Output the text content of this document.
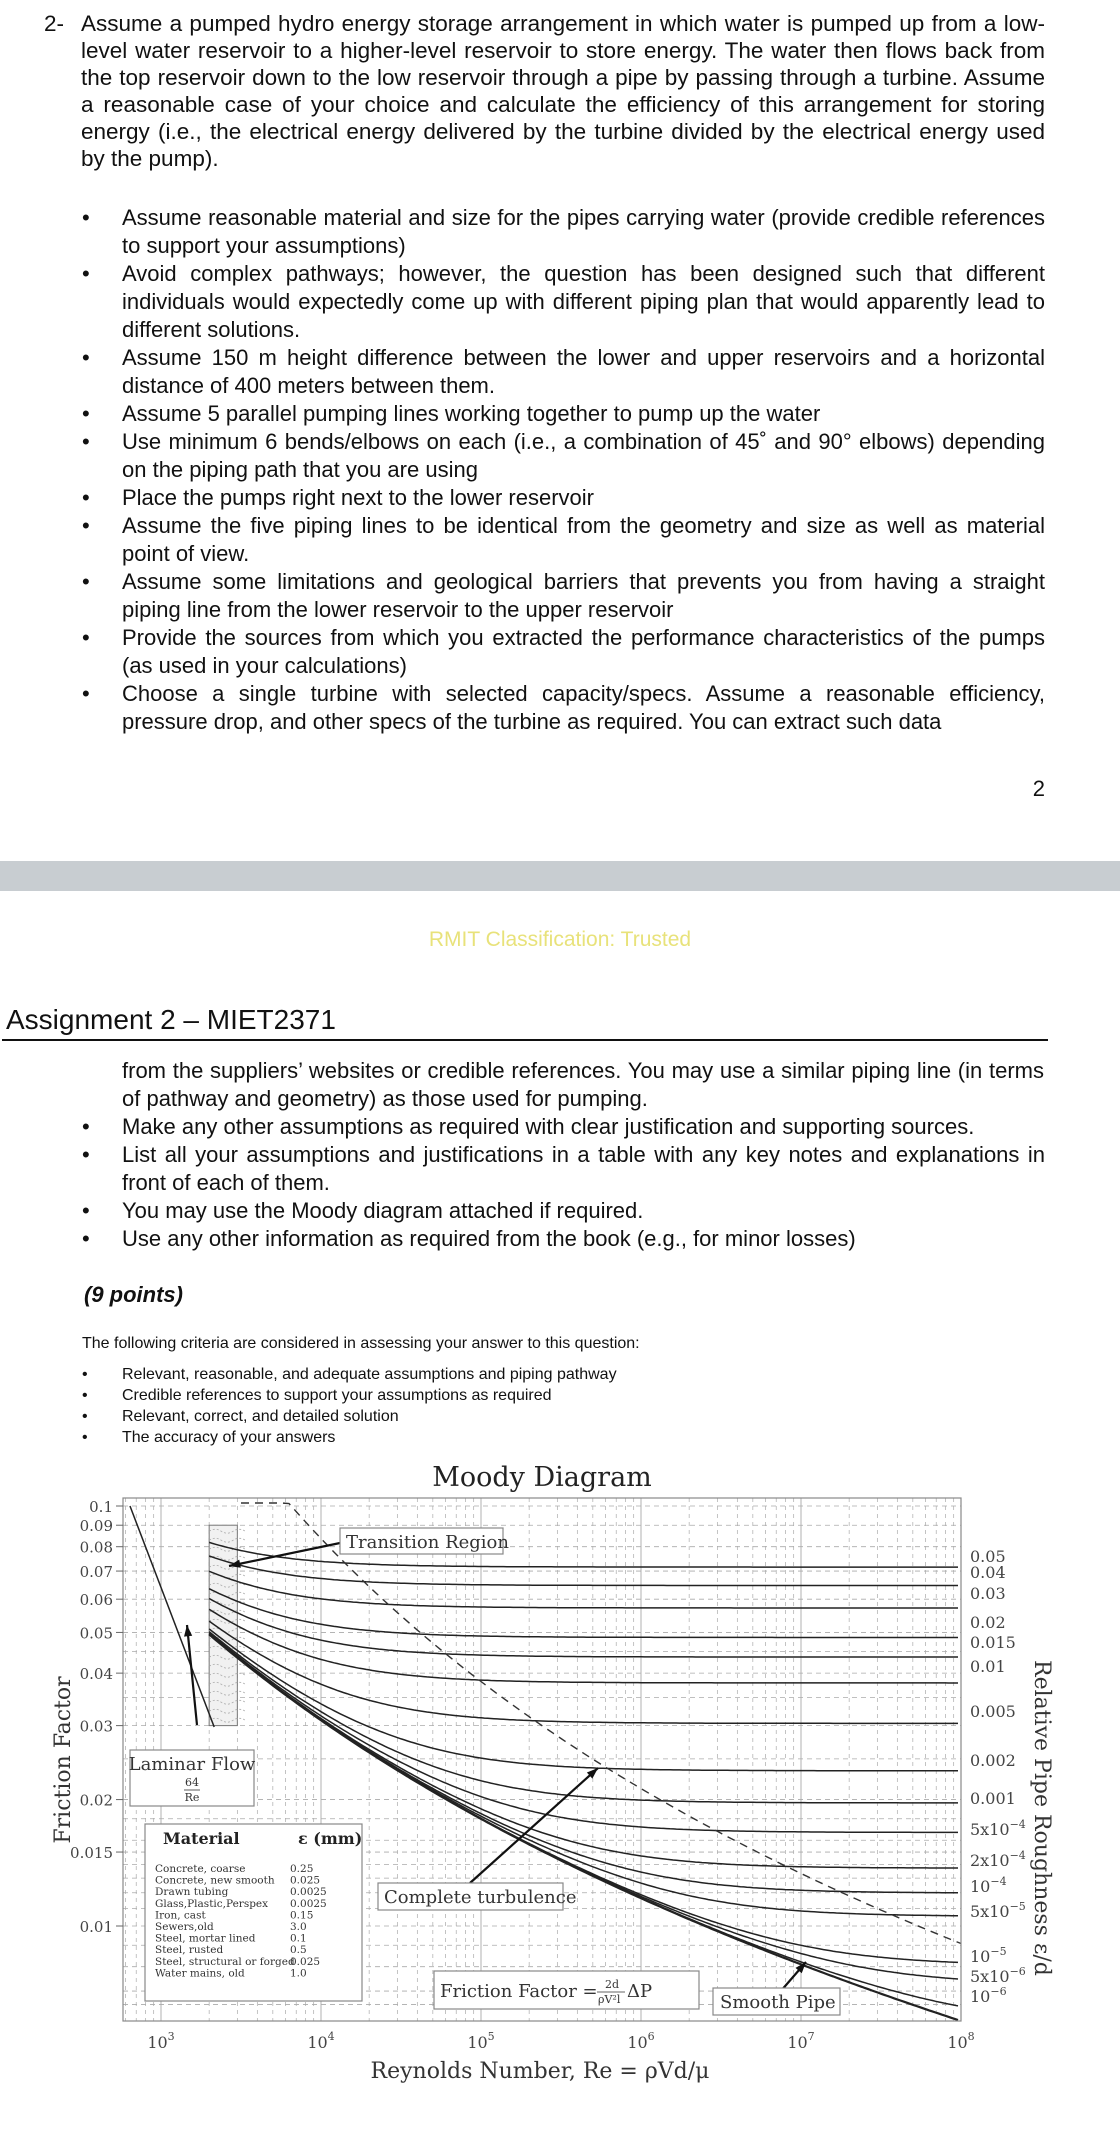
2- Assume a pumped hydro energy storage arrangement in which water is pumped up from a low-level water reservoir to a higher-level reservoir to store energy. The water then flows back from the top reservoir down to the low reservoir through a pipe by passing through a turbine. Assume a reasonable case of your choice and calculate the efficiency of this arrangement for storing energy (i.e., the electrical energy delivered by the turbine divided by the electrical energy used by the pump).
• Assume reasonable material and size for the pipes carrying water (provide credible references to support your assumptions)
• Avoid complex pathways; however, the question has been designed such that different individuals would expectedly come up with different piping plan that would apparently lead to different solutions.
• Assume 150 m height difference between the lower and upper reservoirs and a horizontal distance of 400 meters between them.
• Assume 5 parallel pumping lines working together to pump up the water
• Use minimum 6 bends/elbows on each (i.e., a combination of 45˚ and 90° elbows) depending on the piping path that you are using
• Place the pumps right next to the lower reservoir
• Assume the five piping lines to be identical from the geometry and size as well as material point of view.
• Assume some limitations and geological barriers that prevents you from having a straight piping line from the lower reservoir to the upper reservoir
• Provide the sources from which you extracted the performance characteristics of the pumps (as used in your calculations)
• Choose a single turbine with selected capacity/specs. Assume a reasonable efficiency, pressure drop, and other specs of the turbine as required. You can extract such data
2
RMIT Classification: Trusted
Assignment 2 – MIET2371
from the suppliers’ websites or credible references. You may use a similar piping line (in terms of pathway and geometry) as those used for pumping.
• Make any other assumptions as required with clear justification and supporting sources.
• List all your assumptions and justifications in a table with any key notes and explanations in front of each of them.
• You may use the Moody diagram attached if required.
• Use any other information as required from the book (e.g., for minor losses)
(9 points)
The following criteria are considered in assessing your answer to this question:
• Relevant, reasonable, and adequate assumptions and piping pathway
• Credible references to support your assumptions as required
• Relevant, correct, and detailed solution
• The accuracy of your answers
Moody Diagram
0.1
0.09
0.08
0.07
0.06
0.05
0.04
0.03
0.02
0.015
0.01
$10^3$	$10^4$	$10^5$	$10^6$	$10^7$	$10^8$
0.05
0.04
0.03
0.02
0.015
0.01
0.005
0.002
0.001
$5x10^{-4}$
$2x10^{-4}$
$10^{-4}$
$5x10^{-5}$
$10^{-5}$
$5x10^{-6}$
$10^{-6}$
Friction Factor	Relative Pipe Roughness ε/d
Reynolds Number, Re = ρVd/μ
Transition Region
Laminar Flow
64
Re
Material	ε (mm)
Concrete, coarse	0.25
Concrete, new smooth 0.025
Drawn tubing	0.0025
Glass,Plastic,Perspex 0.0025
Iron, cast	0.15
Sewers,old	3.0
Steel, mortar lined	0.1
Steel, rusted	0.5
Steel, structural or forged
0.025
Water mains, old	1.0
Complete turbulence
Friction Factor = 2d
ρV²l ΔP
Smooth Pipe
